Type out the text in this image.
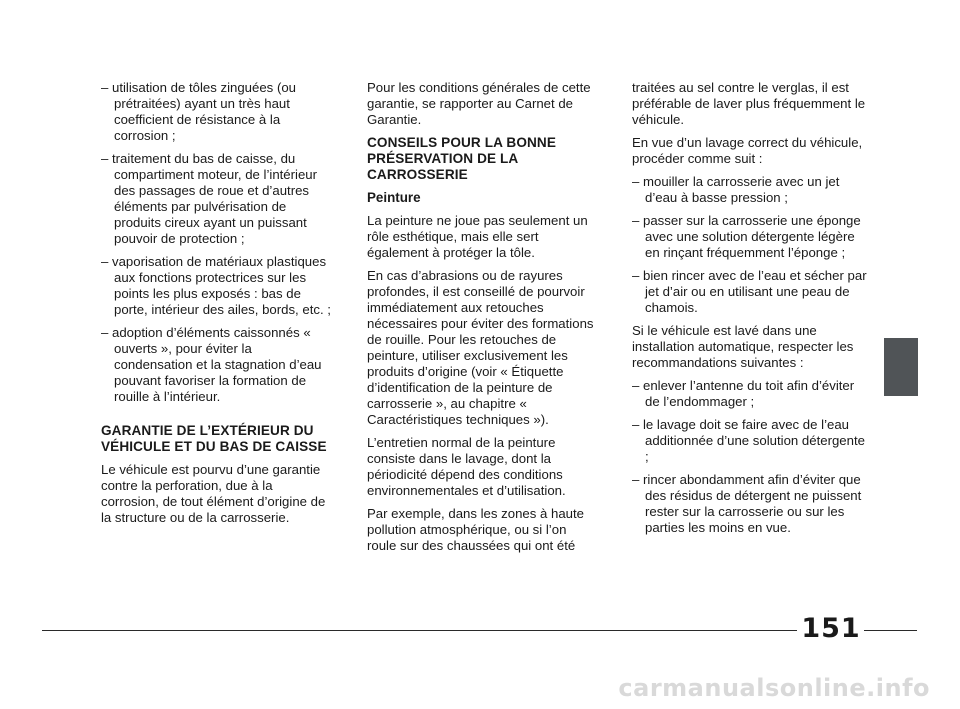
– utilisation de tôles zinguées (ou prétraitées) ayant un très haut coefficient de résistance à la corrosion ;

– traitement du bas de caisse, du compartiment moteur, de l’intérieur des passages de roue et d’autres éléments par pulvérisation de produits cireux ayant un puissant pouvoir de protection ;

– vaporisation de matériaux plastiques aux fonctions protectrices sur les points les plus exposés : bas de porte, intérieur des ailes, bords, etc. ;

– adoption d’éléments caissonnés « ouverts », pour éviter la condensation et la stagnation d’eau pouvant favoriser la formation de rouille à l’intérieur.

GARANTIE DE L’EXTÉRIEUR DU VÉHICULE ET DU BAS DE CAISSE

Le véhicule est pourvu d’une garantie contre la perforation, due à la corrosion, de tout élément d’origine de la structure ou de la carrosserie.

Pour les conditions générales de cette garantie, se rapporter au Carnet de Garantie.

CONSEILS POUR LA BONNE PRÉSERVATION DE LA CARROSSERIE
Peinture

La peinture ne joue pas seulement un rôle esthétique, mais elle sert également à protéger la tôle.

En cas d’abrasions ou de rayures profondes, il est conseillé de pourvoir immédiatement aux retouches nécessaires pour éviter des formations de rouille. Pour les retouches de peinture, utiliser exclusivement les produits d’origine (voir « Étiquette d’identification de la peinture de carrosserie », au chapitre « Caractéristiques techniques »).

L’entretien normal de la peinture consiste dans le lavage, dont la périodicité dépend des conditions environnementales et d’utilisation.

Par exemple, dans les zones à haute pollution atmosphérique, ou si l’on roule sur des chaussées qui ont été

traitées au sel contre le verglas, il est préférable de laver plus fréquemment le véhicule.

En vue d’un lavage correct du véhicule, procéder comme suit :

– mouiller la carrosserie avec un jet d’eau à basse pression ;

– passer sur la carrosserie une éponge avec une solution détergente légère en rinçant fréquemment l’éponge ;

– bien rincer avec de l’eau et sécher par jet d’air ou en utilisant une peau de chamois.

Si le véhicule est lavé dans une installation automatique, respecter les recommandations suivantes :

– enlever l’antenne du toit afin d’éviter de l’endommager ;

– le lavage doit se faire avec de l’eau additionnée d’une solution détergente ;

– rincer abondamment afin d’éviter que des résidus de détergent ne puissent rester sur la carrosserie ou sur les parties les moins en vue.

151
carmanualsonline.info
